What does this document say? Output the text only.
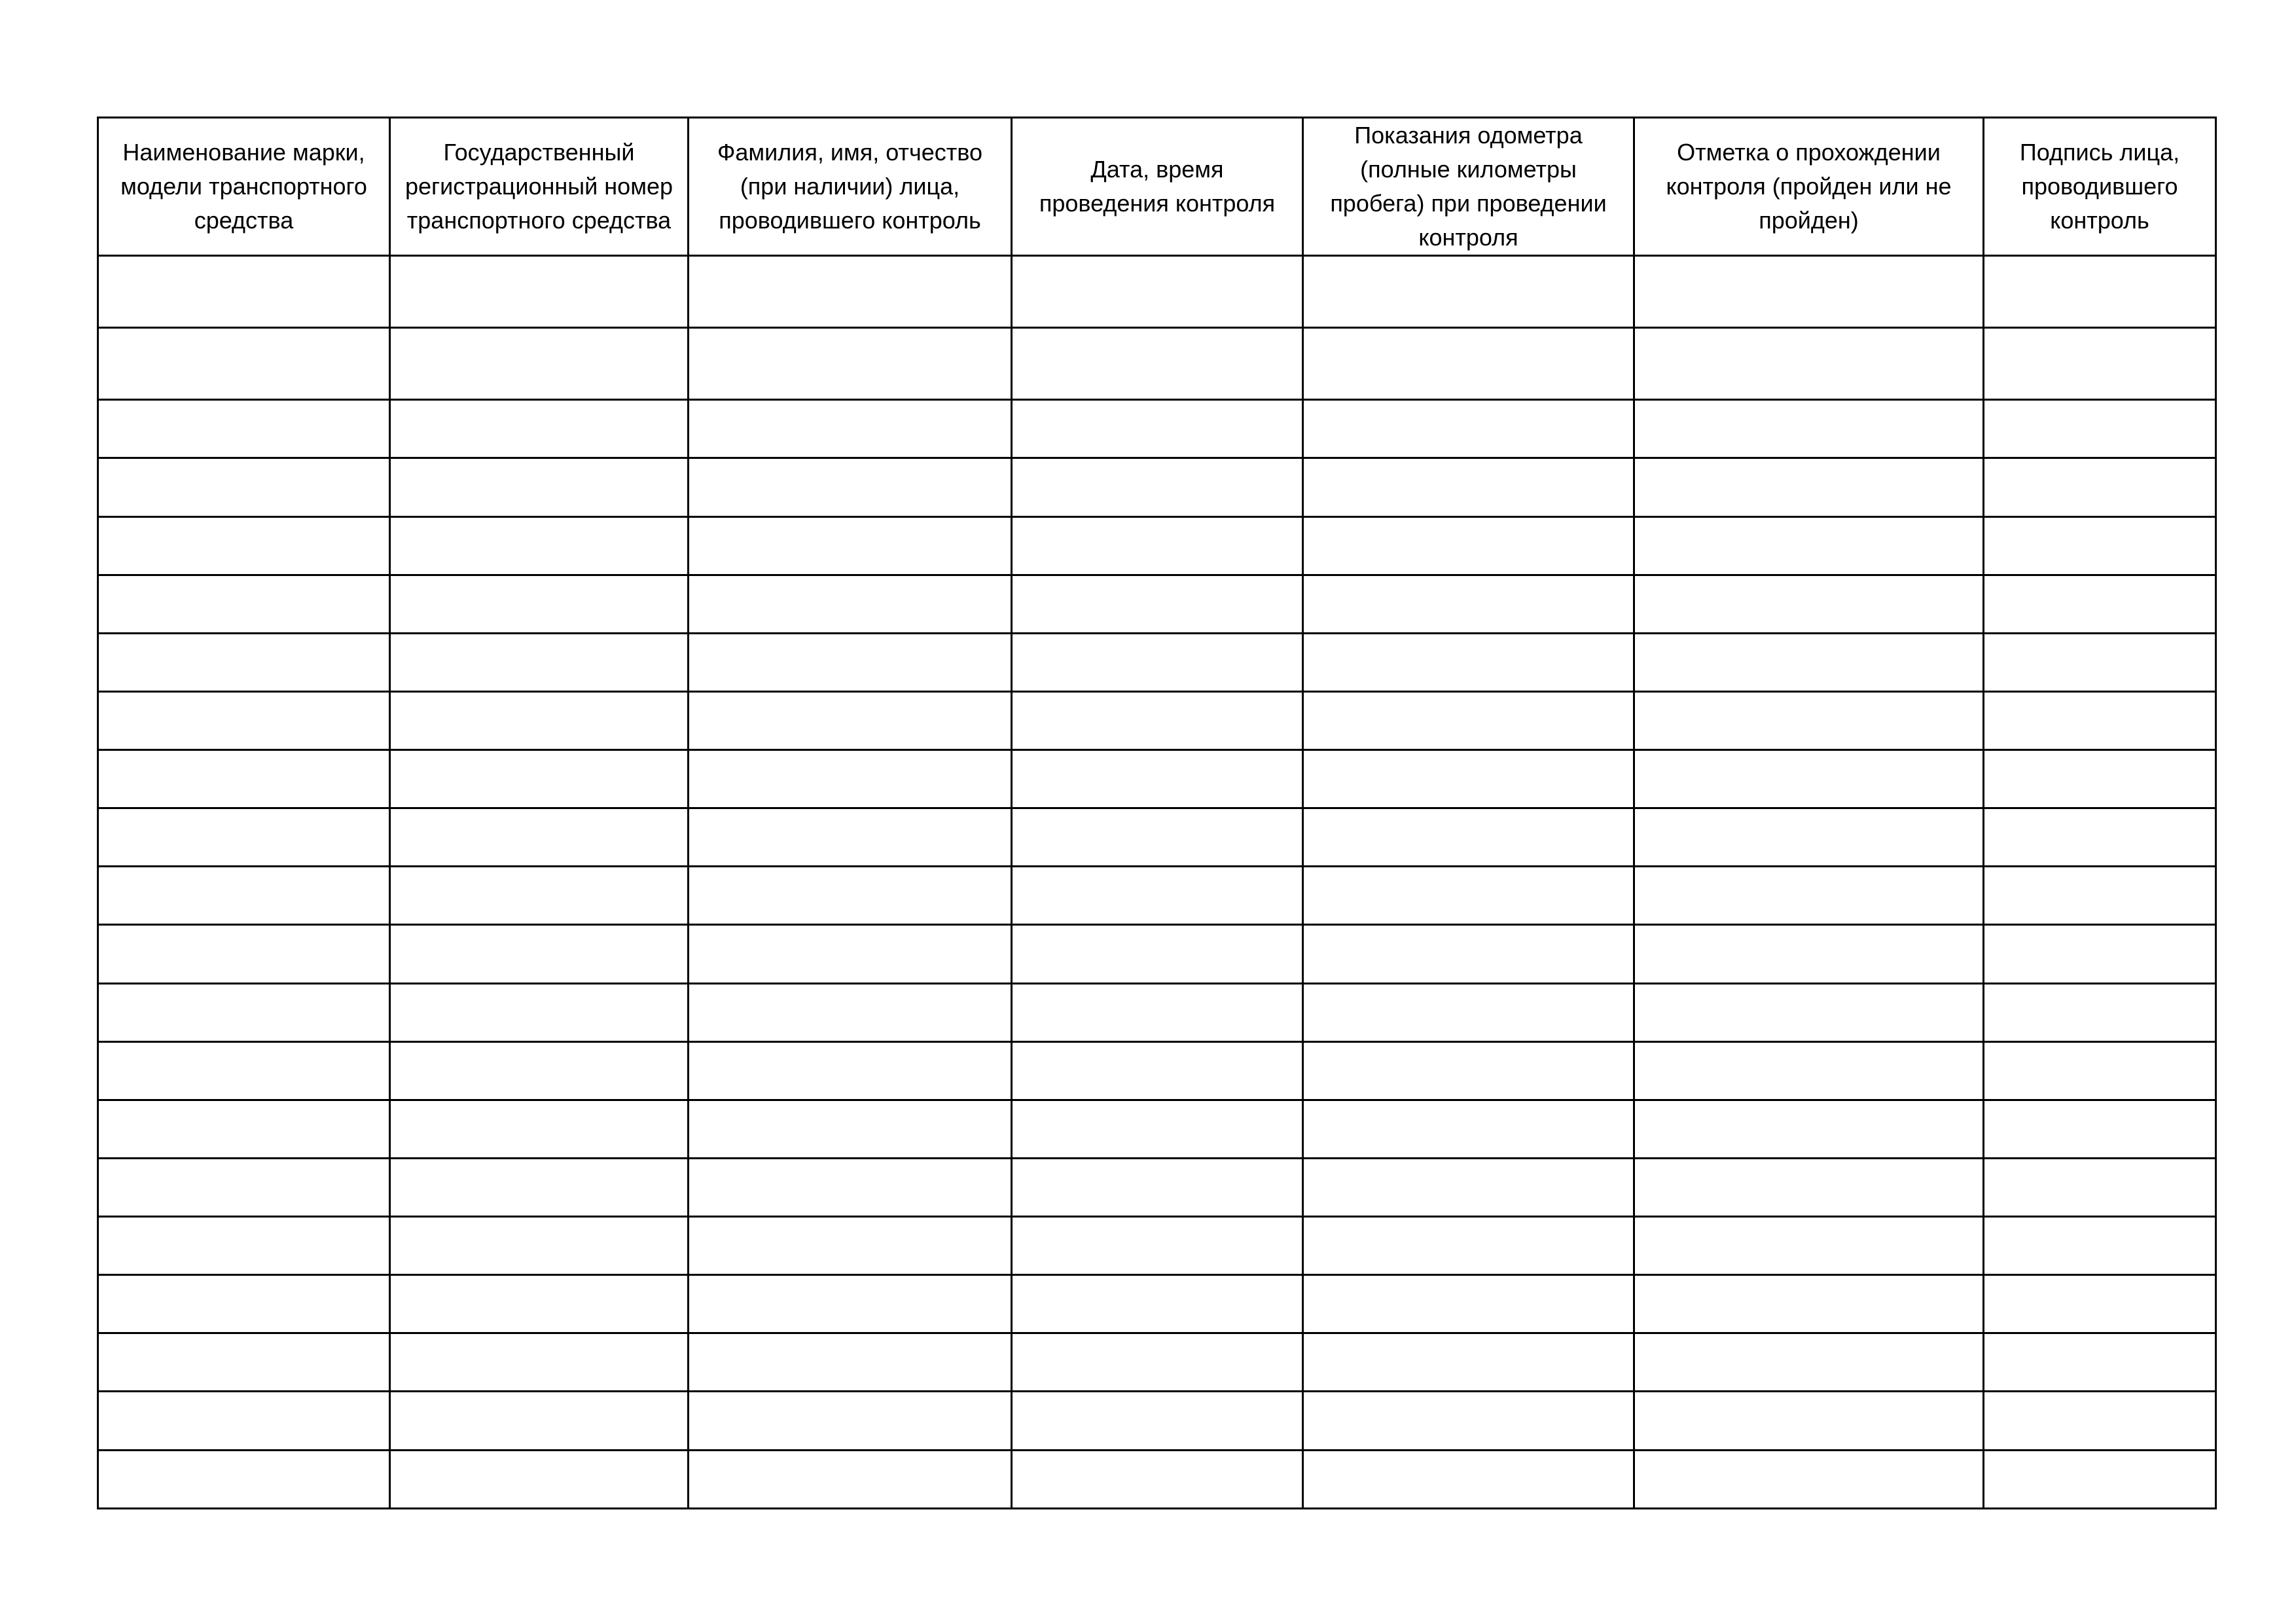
Наименование марки, модели транспортного средства	Государственный регистрационный номер транспортного средства	Фамилия, имя, отчество (при наличии) лица, проводившего контроль	Дата, время проведения контроля	Показания одометра (полные километры пробега) при проведении контроля	Отметка о прохождении контроля (пройден или не пройден)	Подпись лица, проводившего контроль
